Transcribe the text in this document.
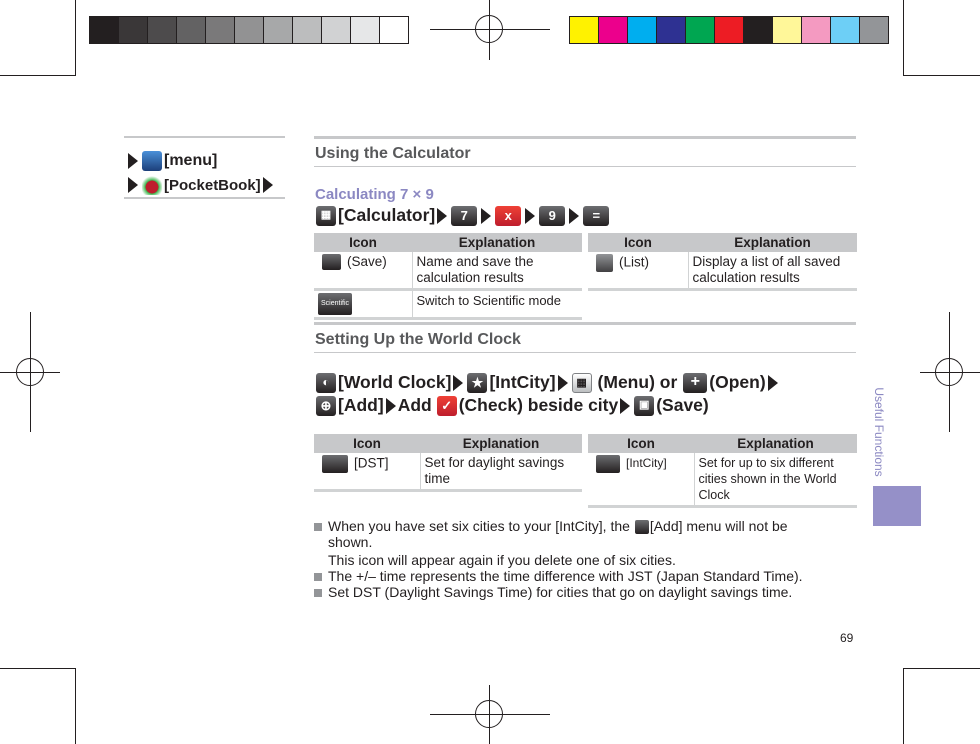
[menu]
[PocketBook]
Using the Calculator
Calculating 7 × 9
▦ [Calculator]	7	x	9	=
Icon	Explanation
(Save)	Name and save the calculation results
Scientific	Switch to Scientific mode
Icon	Explanation
(List)	Display a list of all saved calculation results
Setting Up the World Clock
◐ [World Clock]	★ [IntCity]	▦ (Menu) or + (Open)
⊕ [Add] Add ✓ (Check) beside city	▣ (Save)
Icon	Explanation
[DST]	Set for daylight savings time
Icon	Explanation
[IntCity]	Set for up to six different cities shown in the World Clock
When you have set six cities to your [IntCity], the [Add] menu will not be
shown.
This icon will appear again if you delete one of six cities.
The +/– time represents the time difference with JST (Japan Standard Time).
Set DST (Daylight Savings Time) for cities that go on daylight savings time.
Useful Functions
69
